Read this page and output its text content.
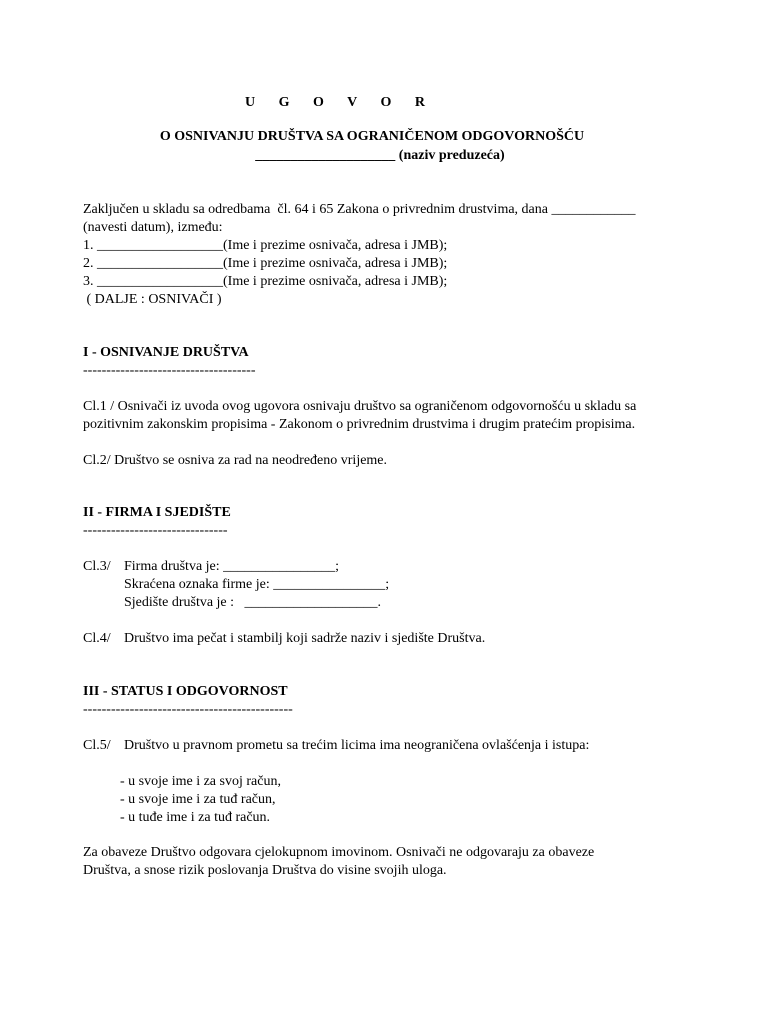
U G O V O R
O OSNIVANJU DRUŠTVA SA OGRANIČENOM ODGOVORNOŠĆU
____________________ (naziv preduzeća)
Zaključen u skladu sa odredbama  čl. 64 i 65 Zakona o privrednim drustvima, dana ____________
(navesti datum), između:
1. __________________(Ime i prezime osnivača, adresa i JMB);
2. __________________(Ime i prezime osnivača, adresa i JMB);
3. __________________(Ime i prezime osnivača, adresa i JMB);
( DALJE : OSNIVAČI )
I - OSNIVANJE DRUŠTVA
-------------------------------------
Cl.1 / Osnivači iz uvoda ovog ugovora osnivaju društvo sa ograničenom odgovornošću u skladu sa
pozitivnim zakonskim propisima - Zakonom o privrednim drustvima i drugim pratećim propisima.
Cl.2/ Društvo se osniva za rad na neodređeno vrijeme.
II - FIRMA I SJEDIŠTE
-------------------------------
Cl.3/ Firma društva je: ________________;
Skraćena oznaka firme je: ________________;
Sjedište društva je :   ___________________.
Cl.4/ Društvo ima pečat i stambilj koji sadrže naziv i sjedište Društva.
III - STATUS I ODGOVORNOST
---------------------------------------------
Cl.5/ Društvo u pravnom prometu sa trećim licima ima neograničena ovlašćenja i istupa:
- u svoje ime i za svoj račun,
- u svoje ime i za tuđ račun,
- u tuđe ime i za tuđ račun.
Za obaveze Društvo odgovara cjelokupnom imovinom. Osnivači ne odgovaraju za obaveze
Društva, a snose rizik poslovanja Društva do visine svojih uloga.
